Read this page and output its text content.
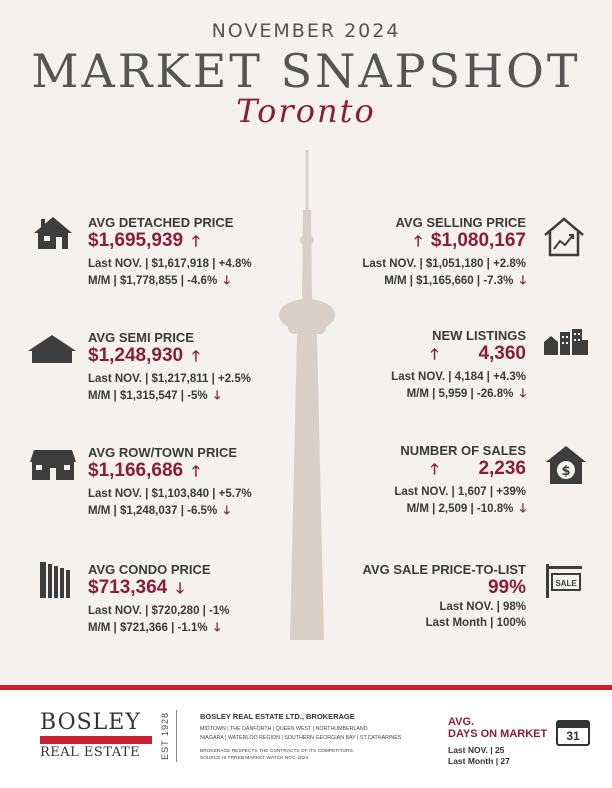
NOVEMBER 2024
MARKET SNAPSHOT
Toronto
AVG DETACHED PRICE
$1,695,939 🡑
Last NOV. | $1,617,918 | +4.8%
M/M | $1,778,855 | -4.6% 🡓
AVG SEMI PRICE
$1,248,930 🡑
Last NOV. | $1,217,811 | +2.5%
M/M | $1,315,547 | -5% 🡓
AVG ROW/TOWN PRICE
$1,166,686 🡑
Last NOV. | $1,103,840 | +5.7%
M/M | $1,248,037 | -6.5% 🡓
AVG CONDO PRICE
$713,364 🡓
Last NOV. | $720,280 | -1%
M/M | $721,366 | -1.1% 🡓
AVG SELLING PRICE
🡑 $1,080,167
Last NOV. | $1,051,180 | +2.8%
M/M | $1,165,660 | -7.3% 🡓
NEW LISTINGS
🡑 4,360
Last NOV. | 4,184 | +4.3%
M/M | 5,959 | -26.8% 🡓
NUMBER OF SALES
🡑 2,236
Last NOV. | 1,607 | +39%
M/M | 2,509 | -10.8% 🡓
$
AVG SALE PRICE-TO-LIST
99%
Last NOV. | 98%
Last Month | 100%
SALE
BOSLEY
REAL ESTATE EST 1928	BOSLEY REAL ESTATE LTD., BROKERAGE
MIDTOWN | THE DANFORTH | QUEEN WEST | NORTHUMBERLAND
NIAGARA | WATERLOO REGION | SOUTHERN GEORGIAN BAY | ST.CATHARINES
BROKERAGE RESPECTS THE CONTRACTS OF ITS COMPETITORS.
SOURCE IS TRREB MARKET WATCH NOV. 2024
AVG.
DAYS ON MARKET
Last NOV. | 25
Last Month | 27
31
